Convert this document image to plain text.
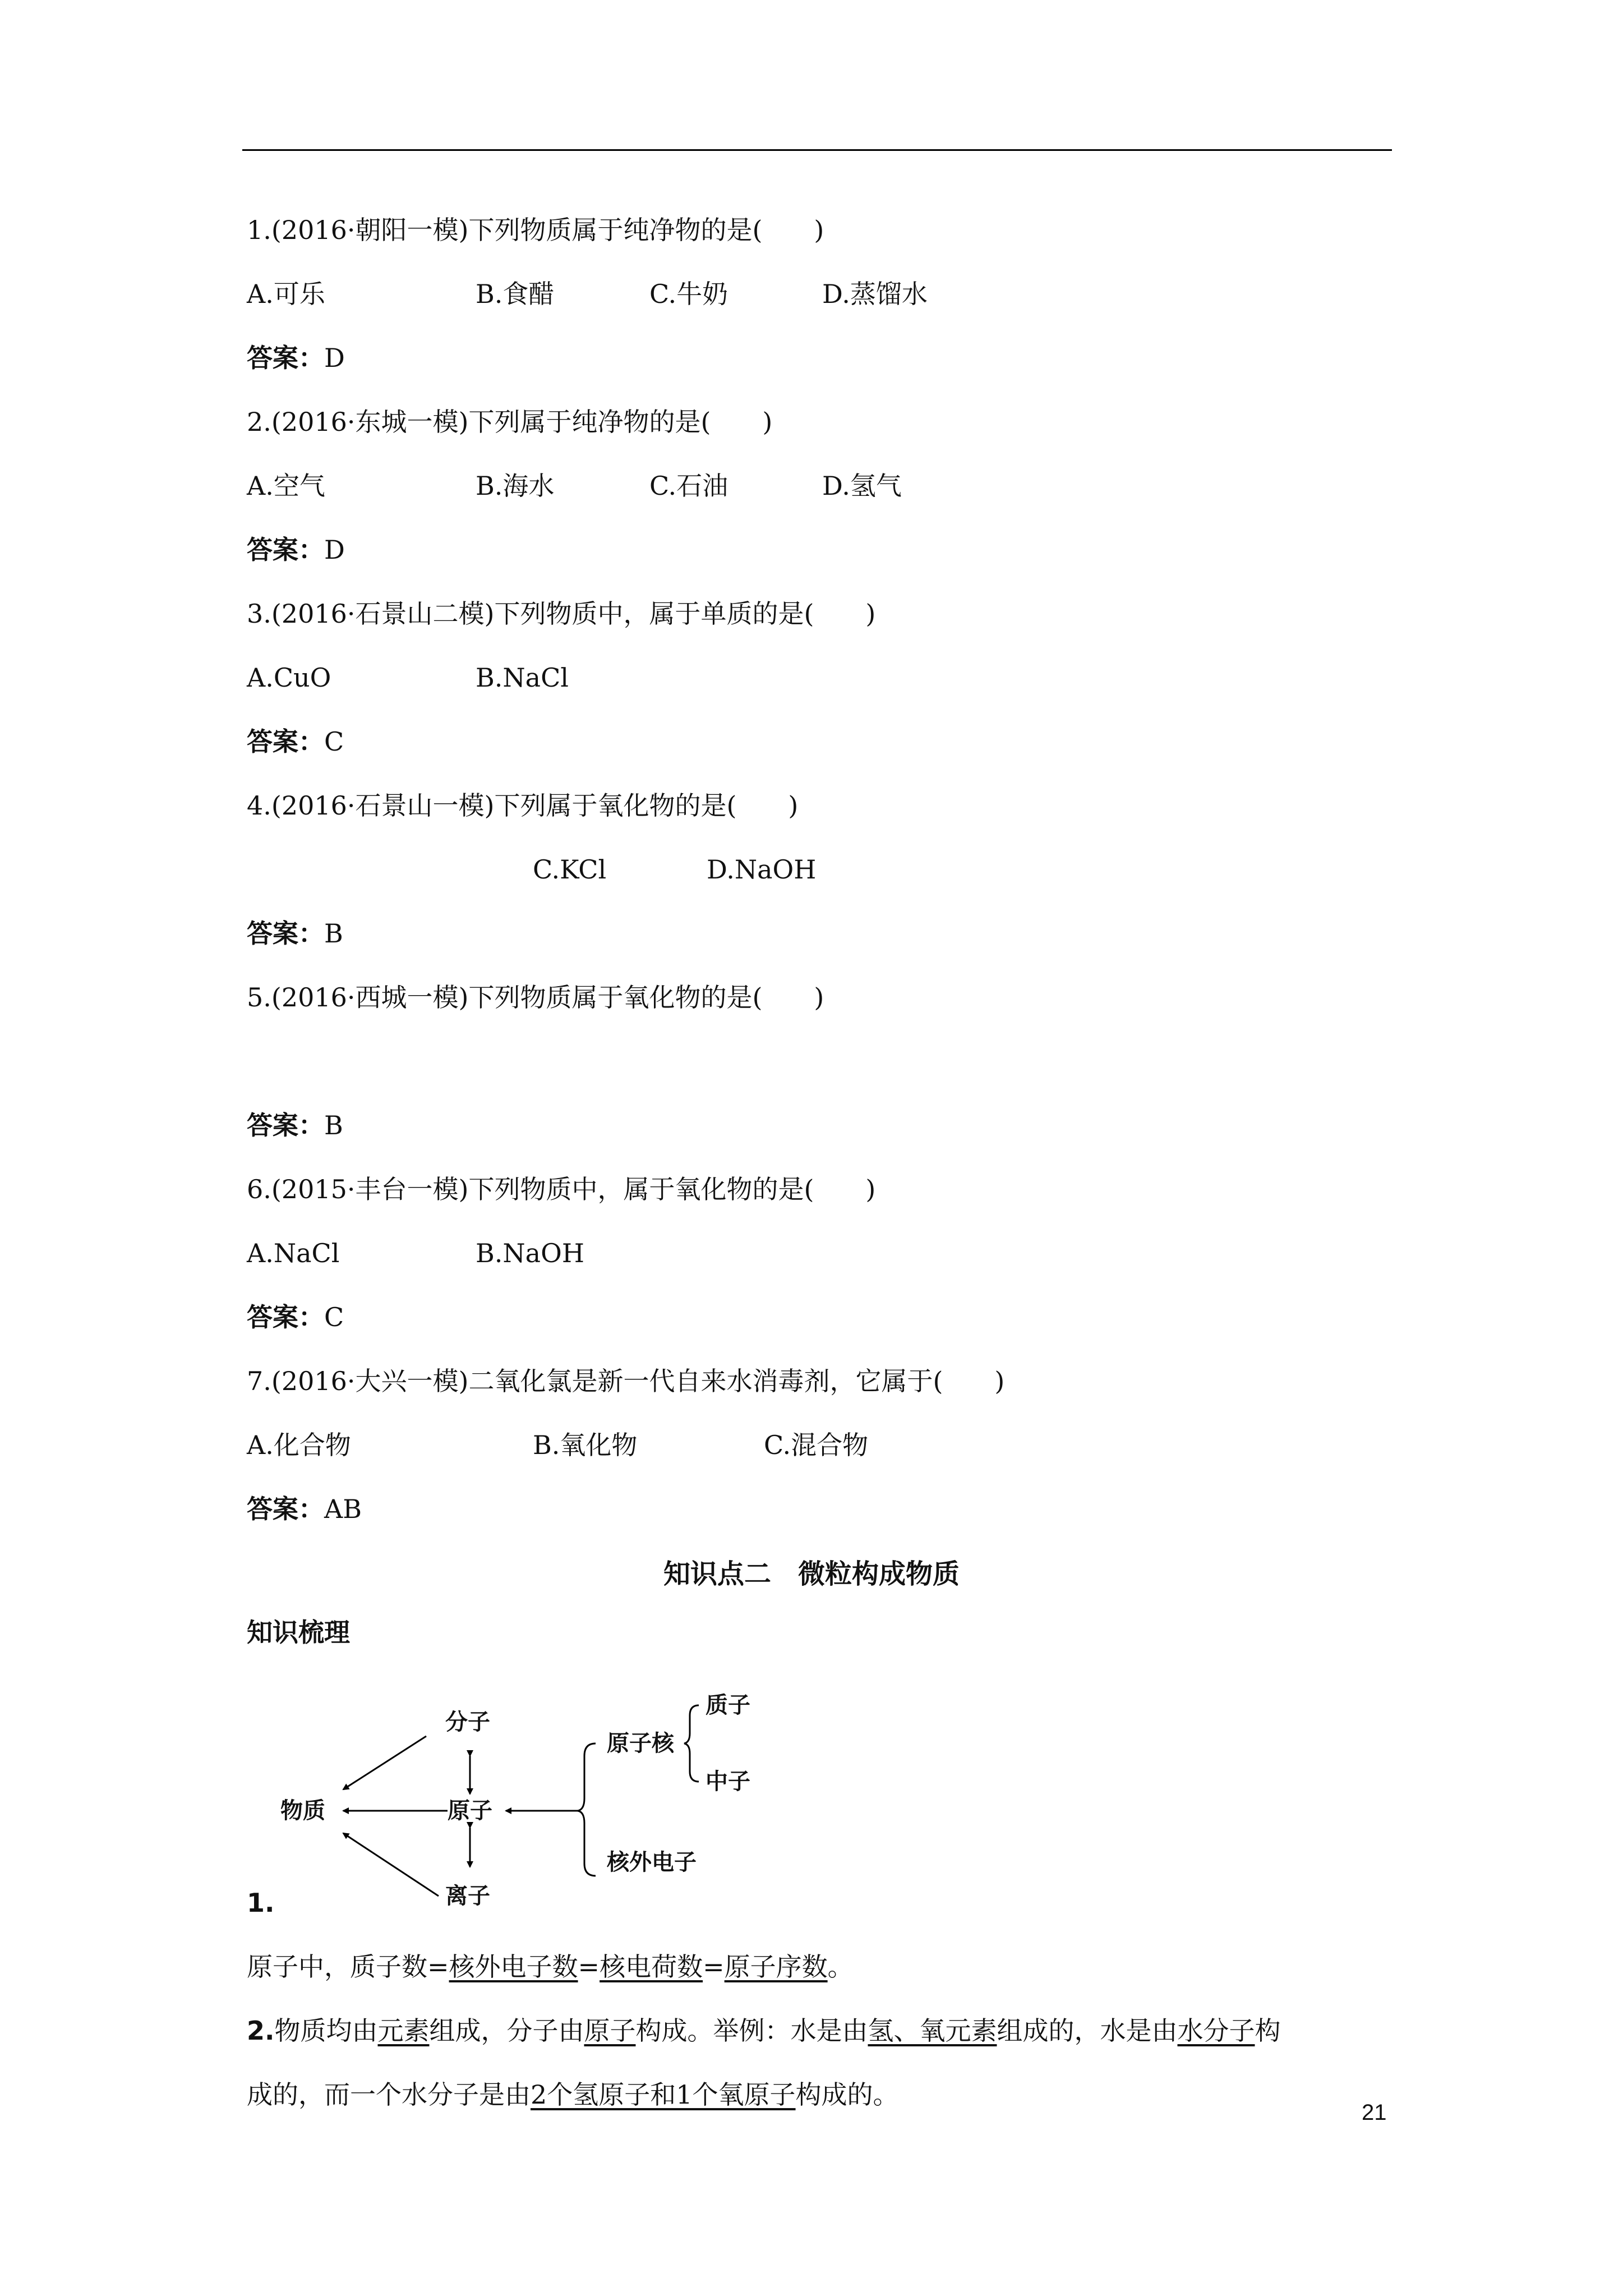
1.(2016·朝阳一模)下列物质属于纯净物的是(　　)
A.可乐	B.食醋	C.牛奶	D.蒸馏水
答案：D
2.(2016·东城一模)下列属于纯净物的是(　　)
A.空气	B.海水	C.石油	D.氢气
答案：D
3.(2016·石景山二模)下列物质中，属于单质的是(　　)
A.CuO	B.NaCl
答案：C
4.(2016·石景山一模)下列属于氧化物的是(　　)
C.KCl	D.NaOH
答案：B
5.(2016·西城一模)下列物质属于氧化物的是(　　)
答案：B
6.(2015·丰台一模)下列物质中，属于氧化物的是(　　)
A.NaCl	B.NaOH
答案：C
7.(2016·大兴一模)二氧化氯是新一代自来水消毒剂，它属于(　　)
A.化合物	B.氧化物	C.混合物
答案：AB
知识点二　微粒构成物质
知识梳理
分子
物质	原子
离子
原子核
质子
中子
核外电子
1.
原子中，质子数=核外电子数=核电荷数=原子序数。
2.物质均由元素组成，分子由原子构成。举例：水是由氢、氧元素组成的，水是由水分子构
成的，而一个水分子是由2个氢原子和1个氧原子构成的。
21
